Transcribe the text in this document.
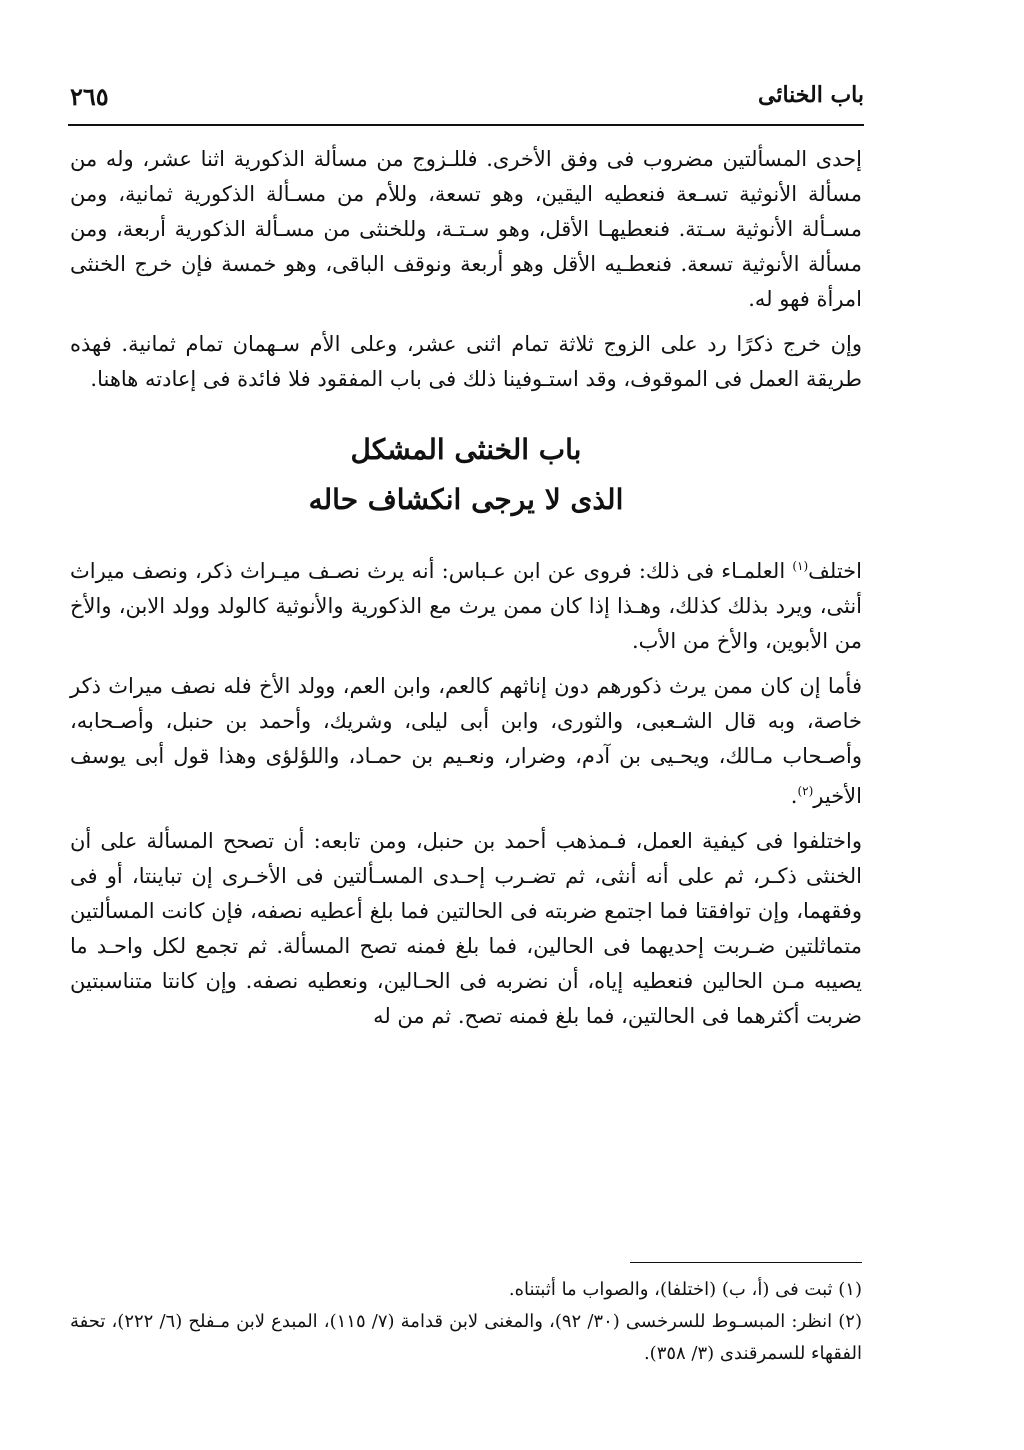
باب الخنائى
٢٦٥

إحدى المسألتين مضروب فى وفق الأخرى. فللـزوج من مسألة الذكورية اثنا عشر، وله من مسألة الأنوثية تسـعة فنعطيه اليقين، وهو تسعة، وللأم من مسـألة الذكورية ثمانية، ومن مسـألة الأنوثية سـتة. فنعطيهـا الأقل، وهو سـتـة، وللخنثى من مسـألة الذكورية أربعة، ومن مسألة الأنوثية تسعة. فنعطـيه الأقل وهو أربعة ونوقف الباقى، وهو خمسة فإن خرج الخنثى امرأة فهو له.

وإن خرج ذكرًا رد على الزوج ثلاثة تمام اثنى عشر، وعلى الأم سـهمان تمام ثمانية. فهذه طريقة العمل فى الموقوف، وقد استـوفينا ذلك فى باب المفقود فلا فائدة فى إعادته هاهنا.

باب الخنثى المشكل
الذى لا يرجى انكشاف حاله

اختلف$^{(١)}$ العلمـاء فى ذلك: فروى عن ابن عـباس: أنه يرث نصـف ميـراث ذكر، ونصف ميراث أنثى، ويرد بذلك كذلك، وهـذا إذا كان ممن يرث مع الذكورية والأنوثية كالولد وولد الابن، والأخ من الأبوين، والأخ من الأب.

فأما إن كان ممن يرث ذكورهم دون إناثهم كالعم، وابن العم، وولد الأخ فله نصف ميراث ذكر خاصة، وبه قال الشـعبى، والثورى، وابن أبى ليلى، وشريك، وأحمد بن حنبل، وأصـحابه، وأصـحاب مـالك، ويحـيى بن آدم، وضرار، ونعـيم بن حمـاد، واللؤلؤى وهذا قول أبى يوسف الأخير$^{(٢)}$.

واختلفوا فى كيفية العمل، فـمذهب أحمد بن حنبل، ومن تابعه: أن تصحح المسألة على أن الخنثى ذكـر، ثم على أنه أنثى، ثم تضـرب إحـدى المسـألتين فى الأخـرى إن تباينتا، أو فى وفقهما، وإن توافقتا فما اجتمع ضربته فى الحالتين فما بلغ أعطيه نصفه، فإن كانت المسألتين متماثلتين ضـربت إحديهما فى الحالين، فما بلغ فمنه تصح المسألة. ثم تجمع لكل واحـد ما يصيبه مـن الحالين فنعطيه إياه، أن نضربه فى الحـالين، ونعطيه نصفه. وإن كانتا متناسبتين ضربت أكثرهما فى الحالتين، فما بلغ فمنه تصح. ثم من له

(١) ثبت فى (أ، ب) (اختلفا)، والصواب ما أثبتناه.

(٢) انظر: المبسـوط للسرخسى (٣٠/ ٩٢)، والمغنى لابن قدامة (٧/ ١١٥)، المبدع لابن مـفلح (٦/ ٢٢٢)، تحفة الفقهاء للسمرقندى (٣/ ٣٥٨).
